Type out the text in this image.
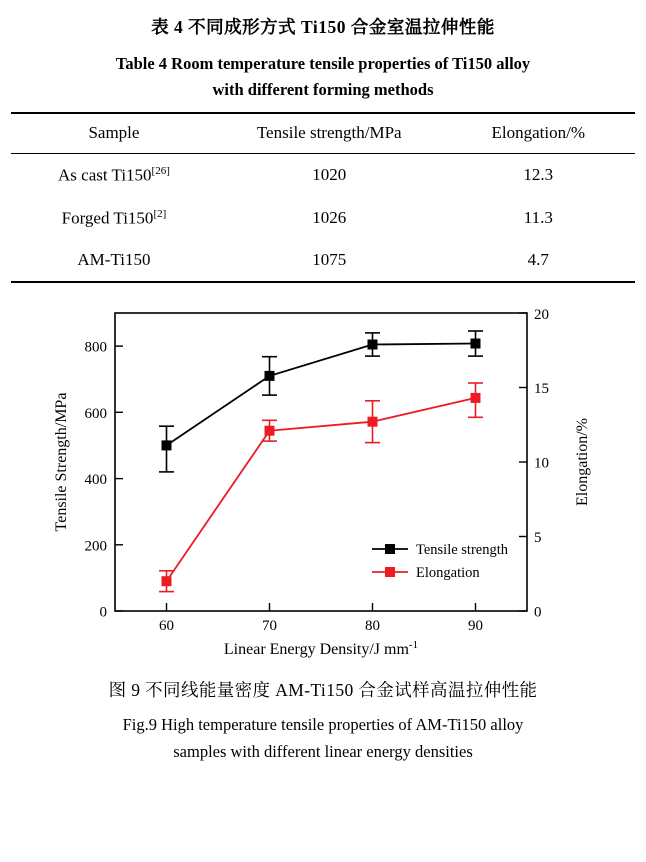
表 4 不同成形方式 Ti150 合金室温拉伸性能
Table 4 Room temperature tensile properties of Ti150 alloy
with different forming methods
Sample	Tensile strength/MPa	Elongation/%
As cast Ti150[26]	1020	12.3
Forged Ti150[2]	1026	11.3
AM-Ti150	1075	4.7
0
200
400
600
800
Tensile Strength/MPa
0
5
10
15
20
Elongation/%
60	70	80	90
Linear Energy Density/J $mm^{-1}$
Tensile strength
Elongation
图 9 不同线能量密度 AM-Ti150 合金试样高温拉伸性能
Fig.9 High temperature tensile properties of AM-Ti150 alloy
samples with different linear energy densities
